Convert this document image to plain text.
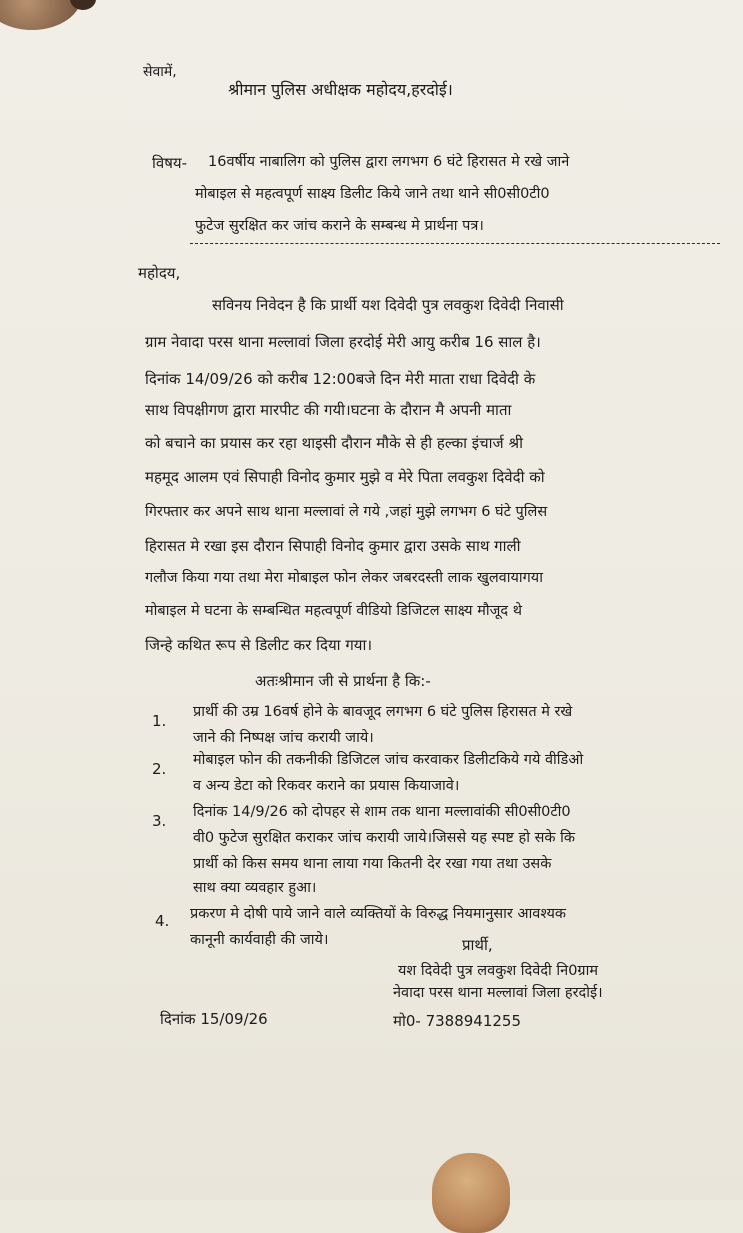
सेवामें,
श्रीमान पुलिस अधीक्षक महोदय,हरदोई।
विषय- 16वर्षीय नाबालिग को पुलिस द्वारा लगभग 6 घंटे हिरासत मे रखे जाने
मोबाइल से महत्वपूर्ण साक्ष्य डिलीट किये जाने तथा थाने सी0सी0टी0
फुटेज सुरक्षित कर जांच कराने के सम्बन्ध मे प्रार्थना पत्र।
महोदय,
सविनय निवेदन है कि प्रार्थी यश दिवेदी पुत्र लवकुश दिवेदी निवासी
ग्राम नेवादा परस थाना मल्लावां जिला हरदोई मेरी आयु करीब 16 साल है।
दिनांक 14/09/26 को करीब 12:00बजे दिन मेरी माता राधा दिवेदी के
साथ विपक्षीगण द्वारा मारपीट की गयी।घटना के दौरान मै अपनी माता
को बचाने का प्रयास कर रहा थाइसी दौरान मौके से ही हल्का इंचार्ज श्री
महमूद आलम एवं सिपाही विनोद कुमार मुझे व मेरे पिता लवकुश दिवेदी को
गिरफ्तार कर अपने साथ थाना मल्लावां ले गये ,जहां मुझे लगभग 6 घंटे पुलिस
हिरासत मे रखा इस दौरान सिपाही विनोद कुमार द्वारा उसके साथ गाली
गलौज किया गया तथा मेरा मोबाइल फोन लेकर जबरदस्ती लाक खुलवायागया
मोबाइल मे घटना के सम्बन्धित महत्वपूर्ण वीडियो डिजिटल साक्ष्य मौजूद थे
जिन्हे कथित रूप से डिलीट कर दिया गया।
अतःश्रीमान जी से प्रार्थना है कि:-
1. प्रार्थी की उम्र 16वर्ष होने के बावजूद लगभग 6 घंटे पुलिस हिरासत मे रखे
जाने की निष्पक्ष जांच करायी जाये।
2. मोबाइल फोन की तकनीकी डिजिटल जांच करवाकर डिलीटकिये गये वीडिओ
व अन्य डेटा को रिकवर कराने का प्रयास कियाजावे।
3. दिनांक 14/9/26 को दोपहर से शाम तक थाना मल्लावांकी सी0सी0टी0
वी0 फुटेज सुरक्षित कराकर जांच करायी जाये।जिससे यह स्पष्ट हो सके कि
प्रार्थी को किस समय थाना लाया गया कितनी देर रखा गया तथा उसके
साथ क्या व्यवहार हुआ।
4. प्रकरण मे दोषी पाये जाने वाले व्यक्तियों के विरुद्ध नियमानुसार आवश्यक
कानूनी कार्यवाही की जाये।	प्रार्थी,
यश दिवेदी पुत्र लवकुश दिवेदी नि0ग्राम
नेवादा परस थाना मल्लावां जिला हरदोई।
दिनांक 15/09/26	मो0- 7388941255
